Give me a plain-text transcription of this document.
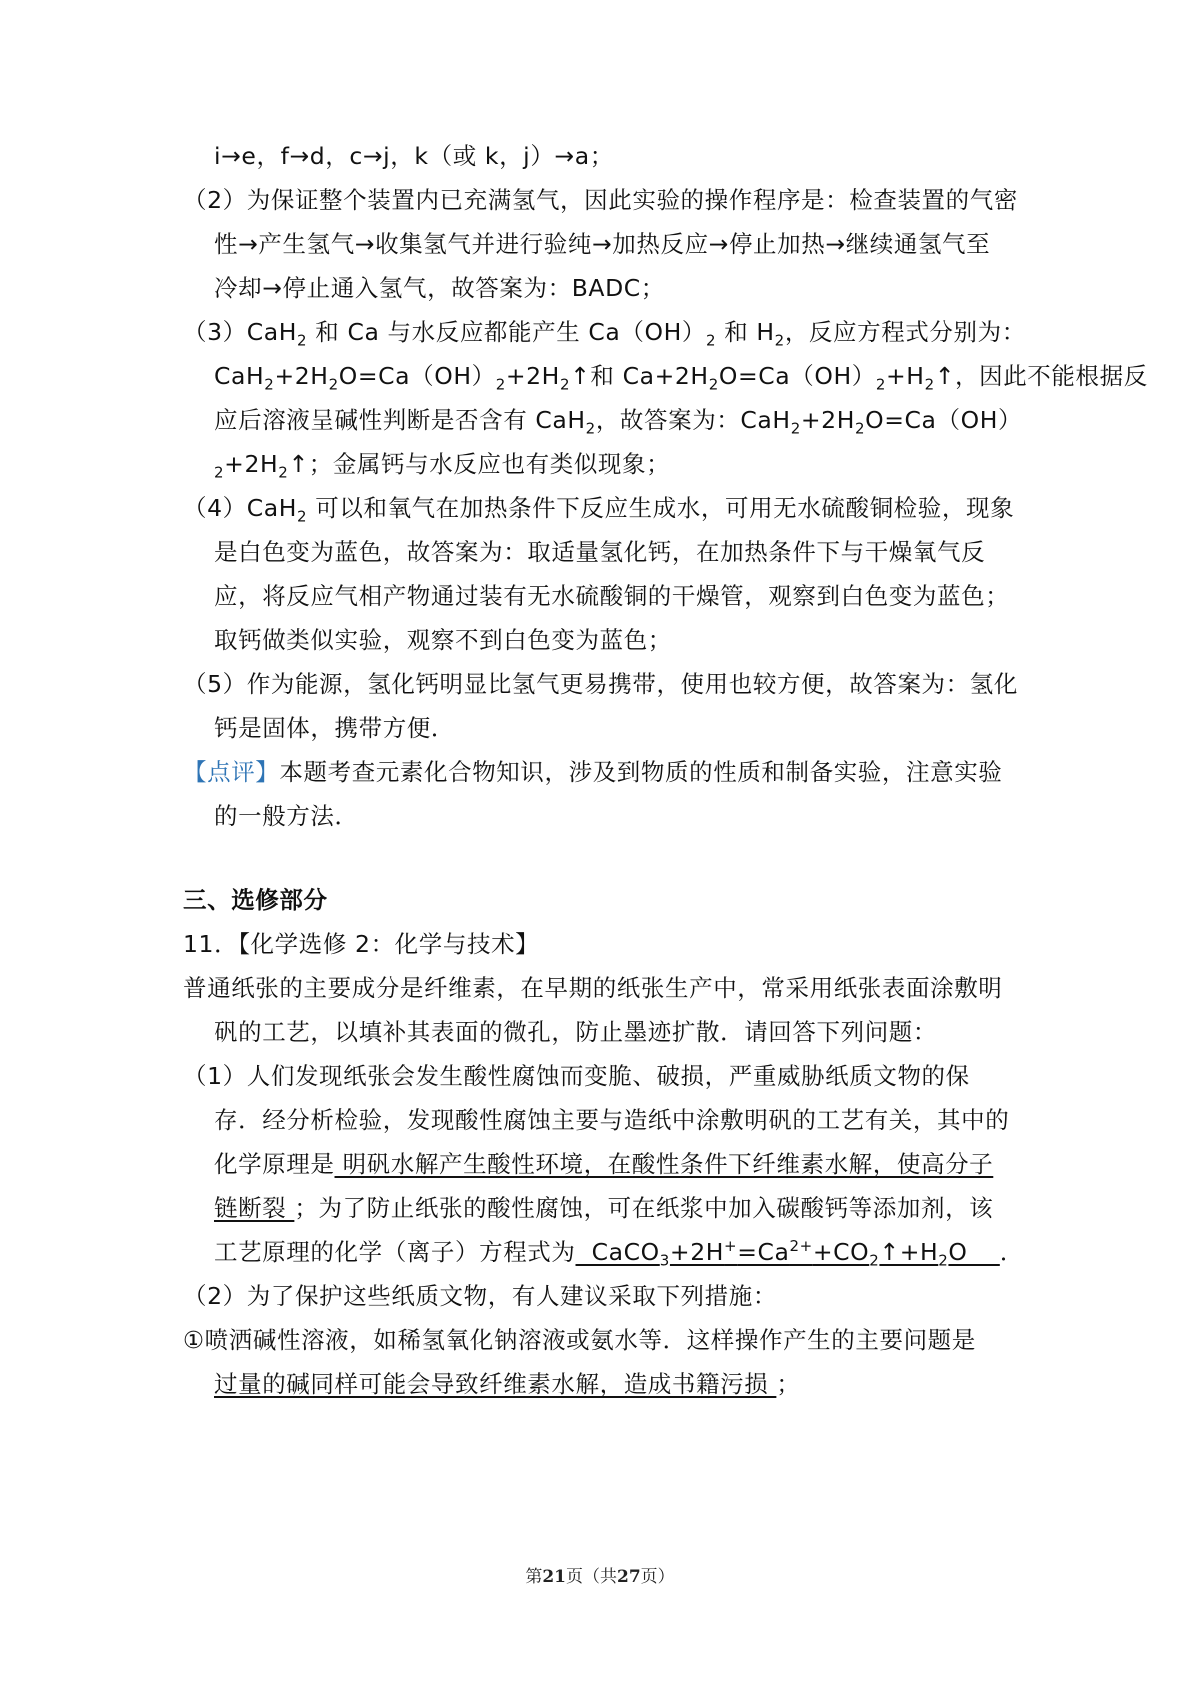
i→e，f→d，c→j，k（或 k，j）→a；
（2）为保证整个装置内已充满氢气，因此实验的操作程序是：检查装置的气密
性→产生氢气→收集氢气并进行验纯→加热反应→停止加热→继续通氢气至
冷却→停止通入氢气，故答案为：BADC；
（3）CaH$_2$ 和 Ca 与水反应都能产生 $Ca(OH)_2$ 和 $H_2$，反应方程式分别为：
$CaH_2+2H_2O=Ca(OH)_2+2H_2↑$和 $Ca+2H_2O=Ca(OH)_2+H_2↑$，因此不能根据反
应后溶液呈碱性判断是否含有 CaH$_2$，故答案为：$CaH_2+2H_2O=Ca(OH)$
$_2+2H_2↑$；金属钙与水反应也有类似现象；
（4）CaH$_2$ 可以和氧气在加热条件下反应生成水，可用无水硫酸铜检验，现象
是白色变为蓝色，故答案为：取适量氢化钙，在加热条件下与干燥氧气反
应，将反应气相产物通过装有无水硫酸铜的干燥管，观察到白色变为蓝色；
取钙做类似实验，观察不到白色变为蓝色；
（5）作为能源，氢化钙明显比氢气更易携带，使用也较方便，故答案为：氢化
钙是固体，携带方便．
【点评】本题考查元素化合物知识，涉及到物质的性质和制备实验，注意实验
的一般方法．
三、选修部分
11．【化学选修 2：化学与技术】
普通纸张的主要成分是纤维素，在早期的纸张生产中，常采用纸张表面涂敷明
矾的工艺，以填补其表面的微孔，防止墨迹扩散．请回答下列问题：
（1）人们发现纸张会发生酸性腐蚀而变脆、破损，严重威胁纸质文物的保
存．经分析检验，发现酸性腐蚀主要与造纸中涂敷明矾的工艺有关，其中的
化学原理是 明矾水解产生酸性环境，在酸性条件下纤维素水解，使高分子
链断裂 ；为了防止纸张的酸性腐蚀，可在纸浆中加入碳酸钙等添加剂，该
工艺原理的化学（离子）方程式为  $CaCO_3+2H^+=Ca^{2+}+CO_2↑+H_2O$    ．
（2）为了保护这些纸质文物，有人建议采取下列措施：
①喷洒碱性溶液，如稀氢氧化钠溶液或氨水等．这样操作产生的主要问题是
过量的碱同样可能会导致纤维素水解，造成书籍污损 ；
第21页（共27页）
